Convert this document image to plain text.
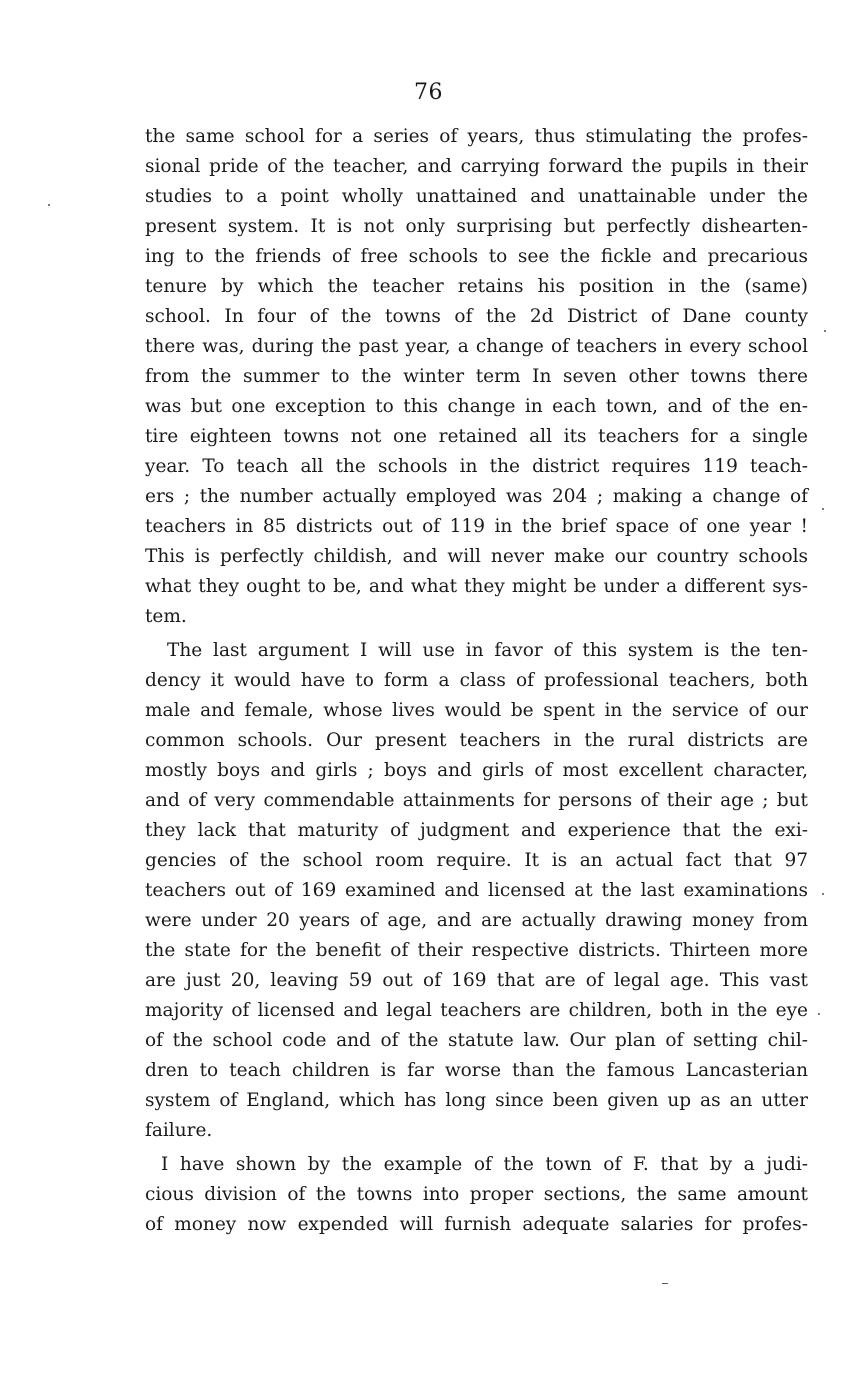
76
the same school for a series of years, thus stimulating the profes-
sional pride of the teacher, and carrying forward the pupils in their
studies to a point wholly unattained and unattainable under the
present system. It is not only surprising but perfectly dishearten-
ing to the friends of free schools to see the fickle and precarious
tenure by which the teacher retains his position in the (same)
school. In four of the towns of the 2d District of Dane county
there was, during the past year, a change of teachers in every school
from the summer to the winter term In seven other towns there
was but one exception to this change in each town, and of the en-
tire eighteen towns not one retained all its teachers for a single
year. To teach all the schools in the district requires 119 teach-
ers ; the number actually employed was 204 ; making a change of
teachers in 85 districts out of 119 in the brief space of one year !
This is perfectly childish, and will never make our country schools
what they ought to be, and what they might be under a different sys-
tem.
The last argument I will use in favor of this system is the ten-
dency it would have to form a class of professional teachers, both
male and female, whose lives would be spent in the service of our
common schools. Our present teachers in the rural districts are
mostly boys and girls ; boys and girls of most excellent character,
and of very commendable attainments for persons of their age ; but
they lack that maturity of judgment and experience that the exi-
gencies of the school room require. It is an actual fact that 97
teachers out of 169 examined and licensed at the last examinations
were under 20 years of age, and are actually drawing money from
the state for the benefit of their respective districts. Thirteen more
are just 20, leaving 59 out of 169 that are of legal age. This vast
majority of licensed and legal teachers are children, both in the eye
of the school code and of the statute law. Our plan of setting chil-
dren to teach children is far worse than the famous Lancasterian
system of England, which has long since been given up as an utter
failure.
I have shown by the example of the town of F. that by a judi-
cious division of the towns into proper sections, the same amount
of money now expended will furnish adequate salaries for profes-
